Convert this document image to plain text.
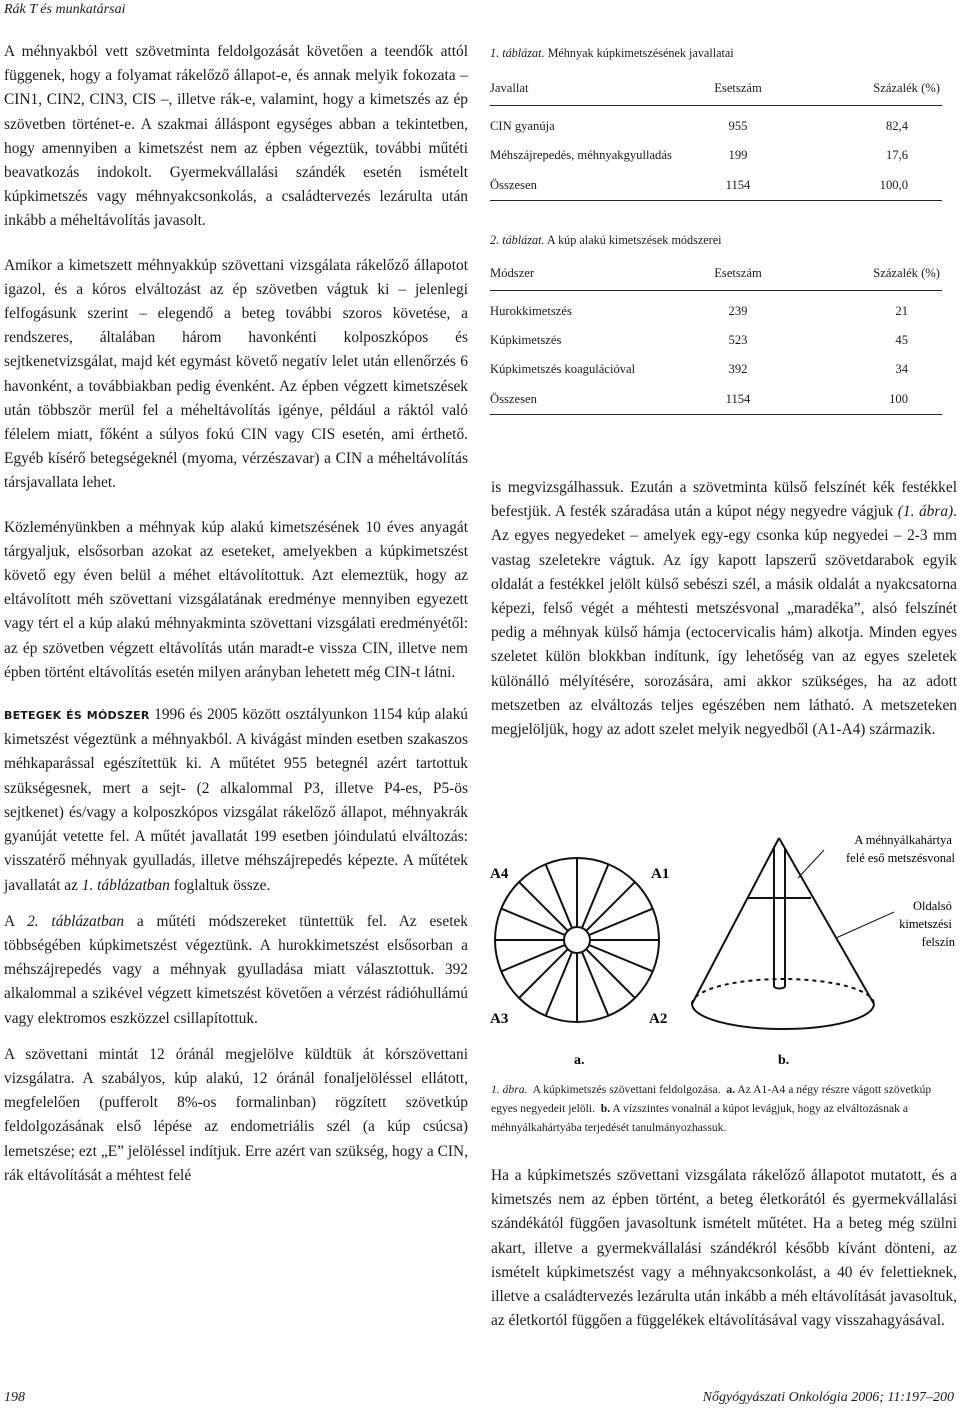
Rák T és munkatársai

A méhnyakból vett szövetminta feldolgozását követően a teendők attól függenek, hogy a folyamat rákelőző állapot-e, és annak melyik fokozata – CIN1, CIN2, CIN3, CIS –, illetve rák-e, valamint, hogy a kimetszés az ép szövetben történet-e. A szakmai álláspont egységes abban a tekintetben, hogy amennyiben a kimetszést nem az épben végeztük, további műtéti beavatkozás indokolt. Gyermekvállalási szándék esetén ismételt kúpkimetszés vagy méhnyakcsonkolás, a családtervezés lezárulta után inkább a méheltávolítás javasolt.

Amikor a kimetszett méhnyakkúp szövettani vizsgálata rákelőző állapotot igazol, és a kóros elváltozást az ép szövetben vágtuk ki – jelenlegi felfogásunk szerint – elegendő a beteg további szoros követése, a rendszeres, általában három havonkénti kolposzkópos és sejtkenetvizsgálat, majd két egymást követő negatív lelet után ellenőrzés 6 havonként, a továbbiakban pedig évenként. Az épben végzett kimetszések után többször merül fel a méheltávolítás igénye, például a ráktól való félelem miatt, főként a súlyos fokú CIN vagy CIS esetén, ami érthető. Egyéb kísérő betegségeknél (myoma, vérzészavar) a CIN a méheltávolítás társjavallata lehet.

Közleményünkben a méhnyak kúp alakú kimetszésének 10 éves anyagát tárgyaljuk, elsősorban azokat az eseteket, amelyekben a kúpkimetszést követő egy éven belül a méhet eltávolítottuk. Azt elemeztük, hogy az eltávolított méh szövettani vizsgálatának eredménye mennyiben egyezett vagy tért el a kúp alakú méhnyakminta szövettani vizsgálati eredményétől: az ép szövetben végzett eltávolítás után maradt-e vissza CIN, illetve nem épben történt eltávolítás esetén milyen arányban lehetett még CIN-t látni.

BETEGEK ÉS MÓDSZER 1996 és 2005 között osztályunkon 1154 kúp alakú kimetszést végeztünk a méhnyakból. A kivágást minden esetben szakaszos méhkaparással egészítettük ki. A műtétet 955 betegnél azért tartottuk szükségesnek, mert a sejt- (2 alkalommal P3, illetve P4-es, P5-ös sejtkenet) és/vagy a kolposzkópos vizsgálat rákelőző állapot, méhnyakrák gyanúját vetette fel. A műtét javallatát 199 esetben jóindulatú elváltozás: visszatérő méhnyak gyulladás, illetve méhszájrepedés képezte. A műtétek javallatát az 1. táblázatban foglaltuk össze.

A 2. táblázatban a műtéti módszereket tüntettük fel. Az esetek többségében kúpkimetszést végeztünk. A hurokkimetszést elsősorban a méhszájrepedés vagy a méhnyak gyulladása miatt választottuk. 392 alkalommal a szikével végzett kimetszést követően a vérzést rádióhullámú vagy elektromos eszközzel csillapítottuk.

A szövettani mintát 12 óránál megjelölve küldtük át kórszövettani vizsgálatra. A szabályos, kúp alakú, 12 óránál fonaljelöléssel ellátott, megfelelően (pufferolt 8%-os formalinban) rögzített szövetkúp feldolgozásának első lépése az endometriális szél (a kúp csúcsa) lemetszése; ezt „E” jelöléssel indítjuk. Erre azért van szükség, hogy a CIN, rák eltávolítását a méhtest felé

1. táblázat. Méhnyak kúpkimetszésének javallatai
Javallat	Esetszám	Százalék (%)
CIN gyanúja	955	82,4
Méhszájrepedés, méhnyakgyulladás	199	17,6
Összesen	1154	100,0
2. táblázat. A kúp alakú kimetszések módszerei
Módszer	Esetszám	Százalék (%)
Hurokkimetszés	239	21
Kúpkimetszés	523	45
Kúpkimetszés koagulációval	392	34
Összesen	1154	100

is megvizsgálhassuk. Ezután a szövetminta külső felszínét kék festékkel befestjük. A festék száradása után a kúpot négy negyedre vágjuk (1. ábra). Az egyes negyedeket – amelyek egy-egy csonka kúp negyedei – 2-3 mm vastag szeletekre vágtuk. Az így kapott lapszerű szövetdarabok egyik oldalát a festékkel jelölt külső sebészi szél, a másik oldalát a nyakcsatorna képezi, felső végét a méhtesti metszésvonal „maradéka”, alsó felszínét pedig a méhnyak külső hámja (ectocervicalis hám) alkotja. Minden egyes szeletet külön blokkban indítunk, így lehetőség van az egyes szeletek különálló mélyítésére, sorozására, ami akkor szükséges, ha az adott metszetben az elváltozás teljes egészében nem látható. A metszeteken megjelöljük, hogy az adott szelet melyik negyedből (A1-A4) származik.

A4	A1
A3	A2
a.
A méhnyálkahártya felé eső metszésvonal
Oldalsó kimetszési felszín
b.
1. ábra. A kúpkimetszés szövettani feldolgozása. a. Az A1-A4 a négy részre vágott szövetkúp egyes negyedeit jelöli. b. A vízszintes vonalnál a kúpot levágjuk, hogy az elváltozásnak a méhnyálkahártyába terjedését tanulmányozhassuk.

Ha a kúpkimetszés szövettani vizsgálata rákelőző állapotot mutatott, és a kimetszés nem az épben történt, a beteg életkorától és gyermekvállalási szándékától függően javasoltunk ismételt műtétet. Ha a beteg még szülni akart, illetve a gyermekvállalási szándékról később kívánt dönteni, az ismételt kúpkimetszést vagy a méhnyakcsonkolást, a 40 év felettieknek, illetve a családtervezés lezárulta után inkább a méh eltávolítását javasoltuk, az életkortól függően a függelékek eltávolításával vagy visszahagyásával.

198	Nőgyógyászati Onkológia 2006; 11:197–200
